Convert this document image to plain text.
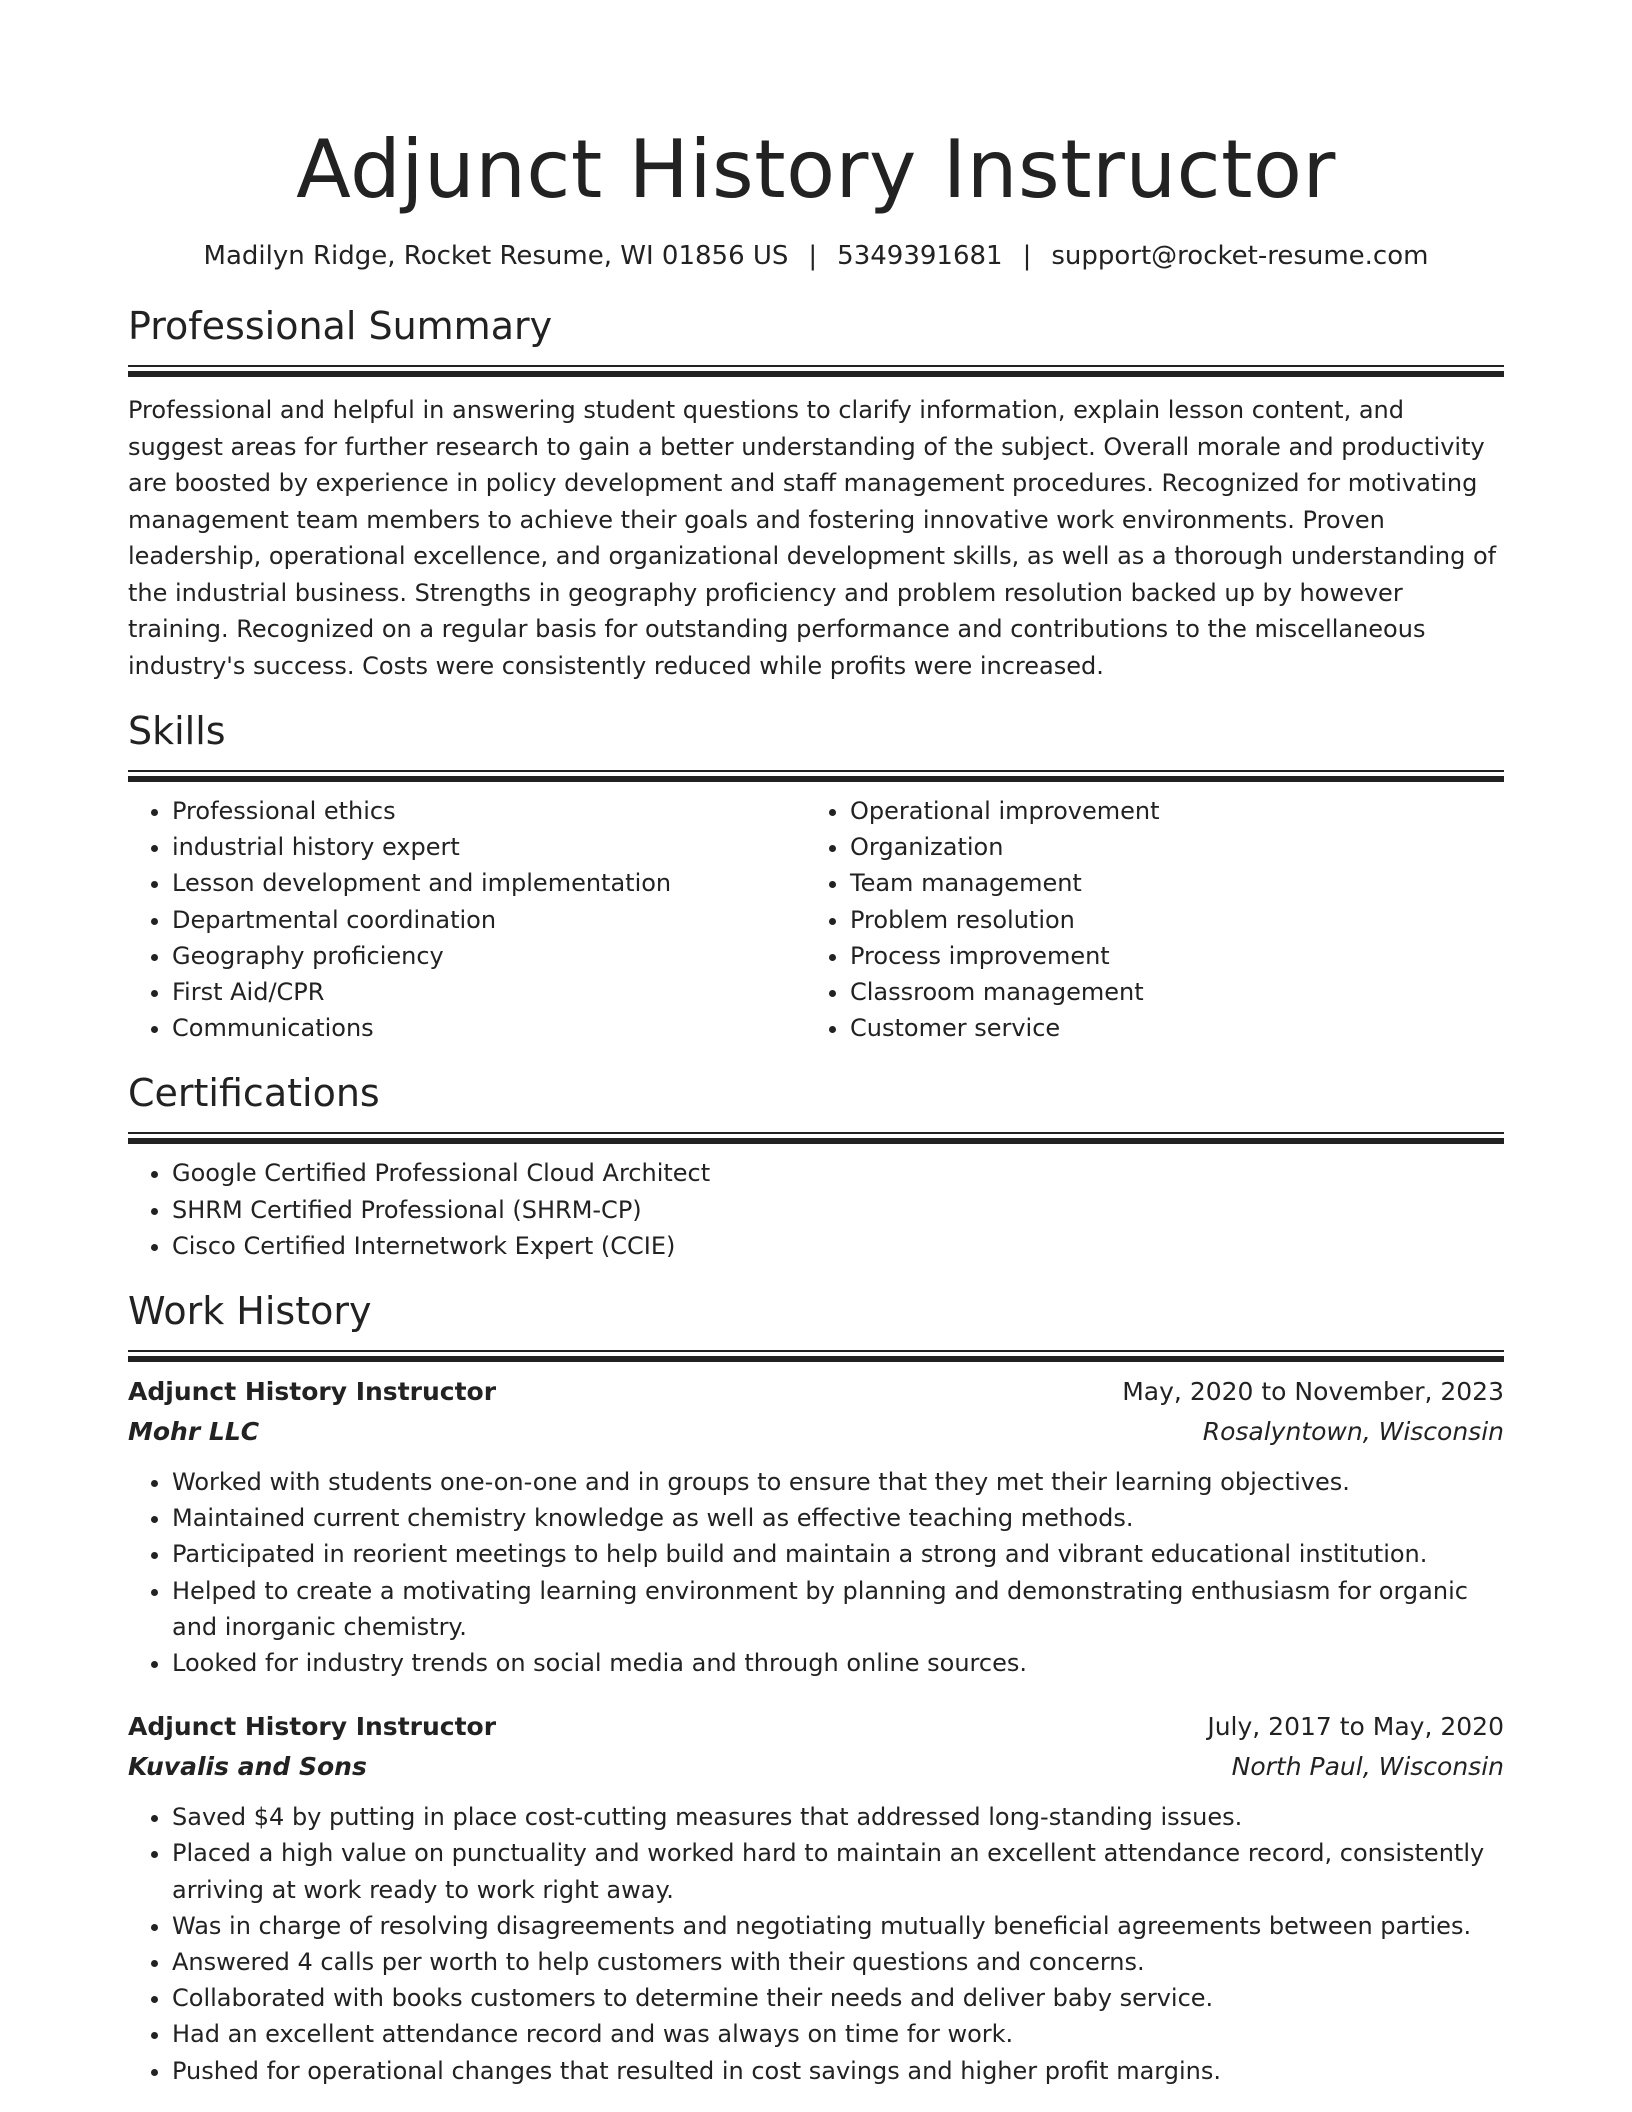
Adjunct History Instructor
Madilyn Ridge, Rocket Resume, WI 01856 US | 5349391681 | support@rocket-resume.com
Professional Summary

Professional and helpful in answering student questions to clarify information, explain lesson content, and suggest areas for further research to gain a better understanding of the subject. Overall morale and productivity are boosted by experience in policy development and staff management procedures. Recognized for motivating management team members to achieve their goals and fostering innovative work environments. Proven leadership, operational excellence, and organizational development skills, as well as a thorough understanding of the industrial business. Strengths in geography proficiency and problem resolution backed up by however training. Recognized on a regular basis for outstanding performance and contributions to the miscellaneous industry's success. Costs were consistently reduced while profits were increased.

Skills
• Professional ethics
• industrial history expert
• Lesson development and implementation
• Departmental coordination
• Geography proficiency
• First Aid/CPR
• Communications
• Operational improvement
• Organization
• Team management
• Problem resolution
• Process improvement
• Classroom management
• Customer service
Certifications
• Google Certified Professional Cloud Architect
• SHRM Certified Professional (SHRM-CP)
• Cisco Certified Internetwork Expert (CCIE)
Work History
Adjunct History Instructor	May, 2020 to November, 2023
Mohr LLC	Rosalyntown, Wisconsin
• Worked with students one-on-one and in groups to ensure that they met their learning objectives.
• Maintained current chemistry knowledge as well as effective teaching methods.
• Participated in reorient meetings to help build and maintain a strong and vibrant educational institution.
• Helped to create a motivating learning environment by planning and demonstrating enthusiasm for organic and inorganic chemistry.
• Looked for industry trends on social media and through online sources.
Adjunct History Instructor	July, 2017 to May, 2020
Kuvalis and Sons	North Paul, Wisconsin
• Saved $4 by putting in place cost-cutting measures that addressed long-standing issues.
• Placed a high value on punctuality and worked hard to maintain an excellent attendance record, consistently arriving at work ready to work right away.
• Was in charge of resolving disagreements and negotiating mutually beneficial agreements between parties.
• Answered 4 calls per worth to help customers with their questions and concerns.
• Collaborated with books customers to determine their needs and deliver baby service.
• Had an excellent attendance record and was always on time for work.
• Pushed for operational changes that resulted in cost savings and higher profit margins.
